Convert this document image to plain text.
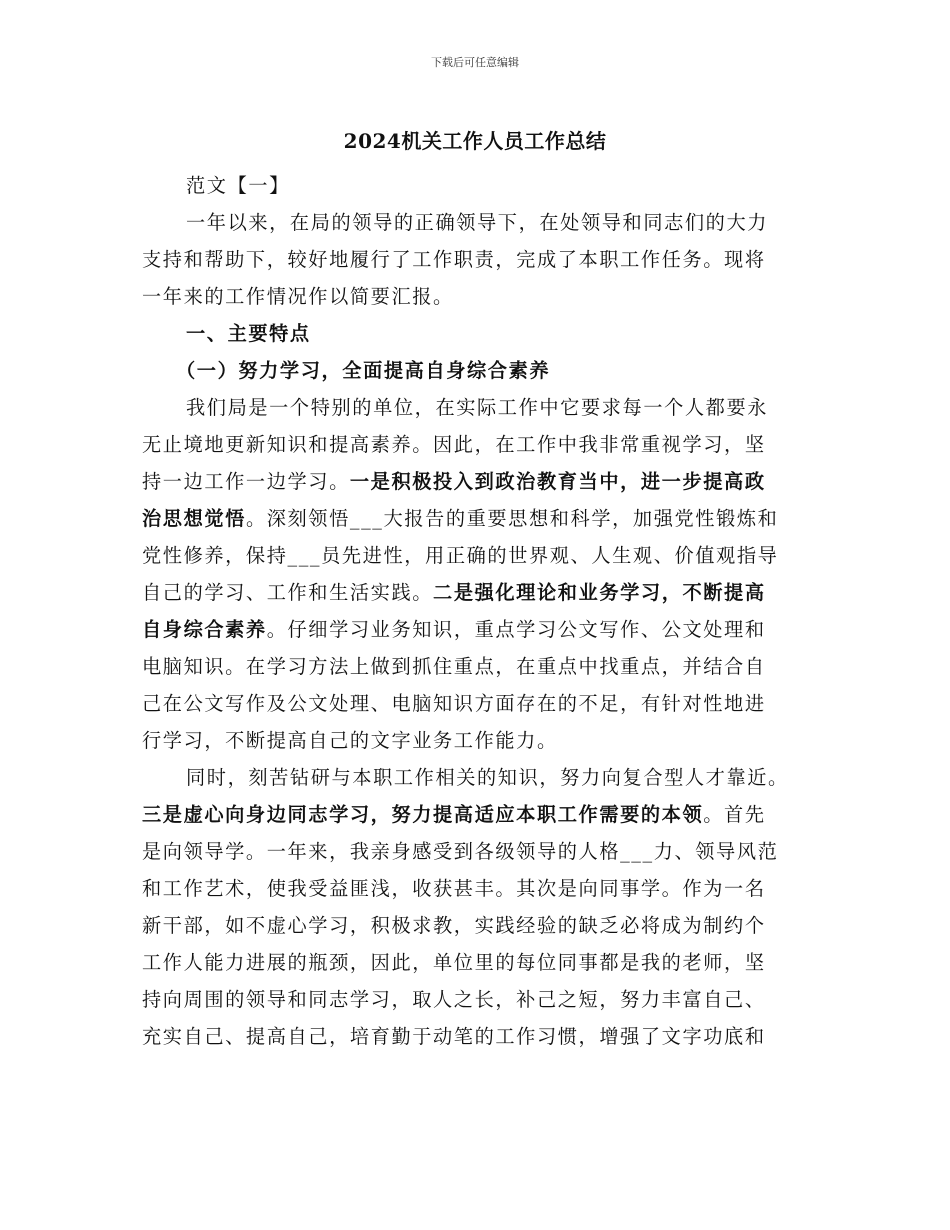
下载后可任意编辑
2024机关工作人员工作总结
范文【一】
一年以来，在局的领导的正确领导下，在处领导和同志们的大力
支持和帮助下，较好地履行了工作职责，完成了本职工作任务。现将
一年来的工作情况作以简要汇报。
一、主要特点
（一）努力学习，全面提高自身综合素养
我们局是一个特别的单位，在实际工作中它要求每一个人都要永
无止境地更新知识和提高素养。因此，在工作中我非常重视学习，坚
持一边工作一边学习。一是积极投入到政治教育当中，进一步提高政
治思想觉悟。深刻领悟___大报告的重要思想和科学，加强党性锻炼和
党性修养，保持___员先进性，用正确的世界观、人生观、价值观指导
自己的学习、工作和生活实践。二是强化理论和业务学习，不断提高
自身综合素养。仔细学习业务知识，重点学习公文写作、公文处理和
电脑知识。在学习方法上做到抓住重点，在重点中找重点，并结合自
己在公文写作及公文处理、电脑知识方面存在的不足，有针对性地进
行学习，不断提高自己的文字业务工作能力。
同时，刻苦钻研与本职工作相关的知识，努力向复合型人才靠近。
三是虚心向身边同志学习，努力提高适应本职工作需要的本领。首先
是向领导学。一年来，我亲身感受到各级领导的人格___力、领导风范
和工作艺术，使我受益匪浅，收获甚丰。其次是向同事学。作为一名
新干部，如不虚心学习，积极求教，实践经验的缺乏必将成为制约个
工作人能力进展的瓶颈，因此，单位里的每位同事都是我的老师，坚
持向周围的领导和同志学习，取人之长，补己之短，努力丰富自己、
充实自己、提高自己，培育勤于动笔的工作习惯，增强了文字功底和
